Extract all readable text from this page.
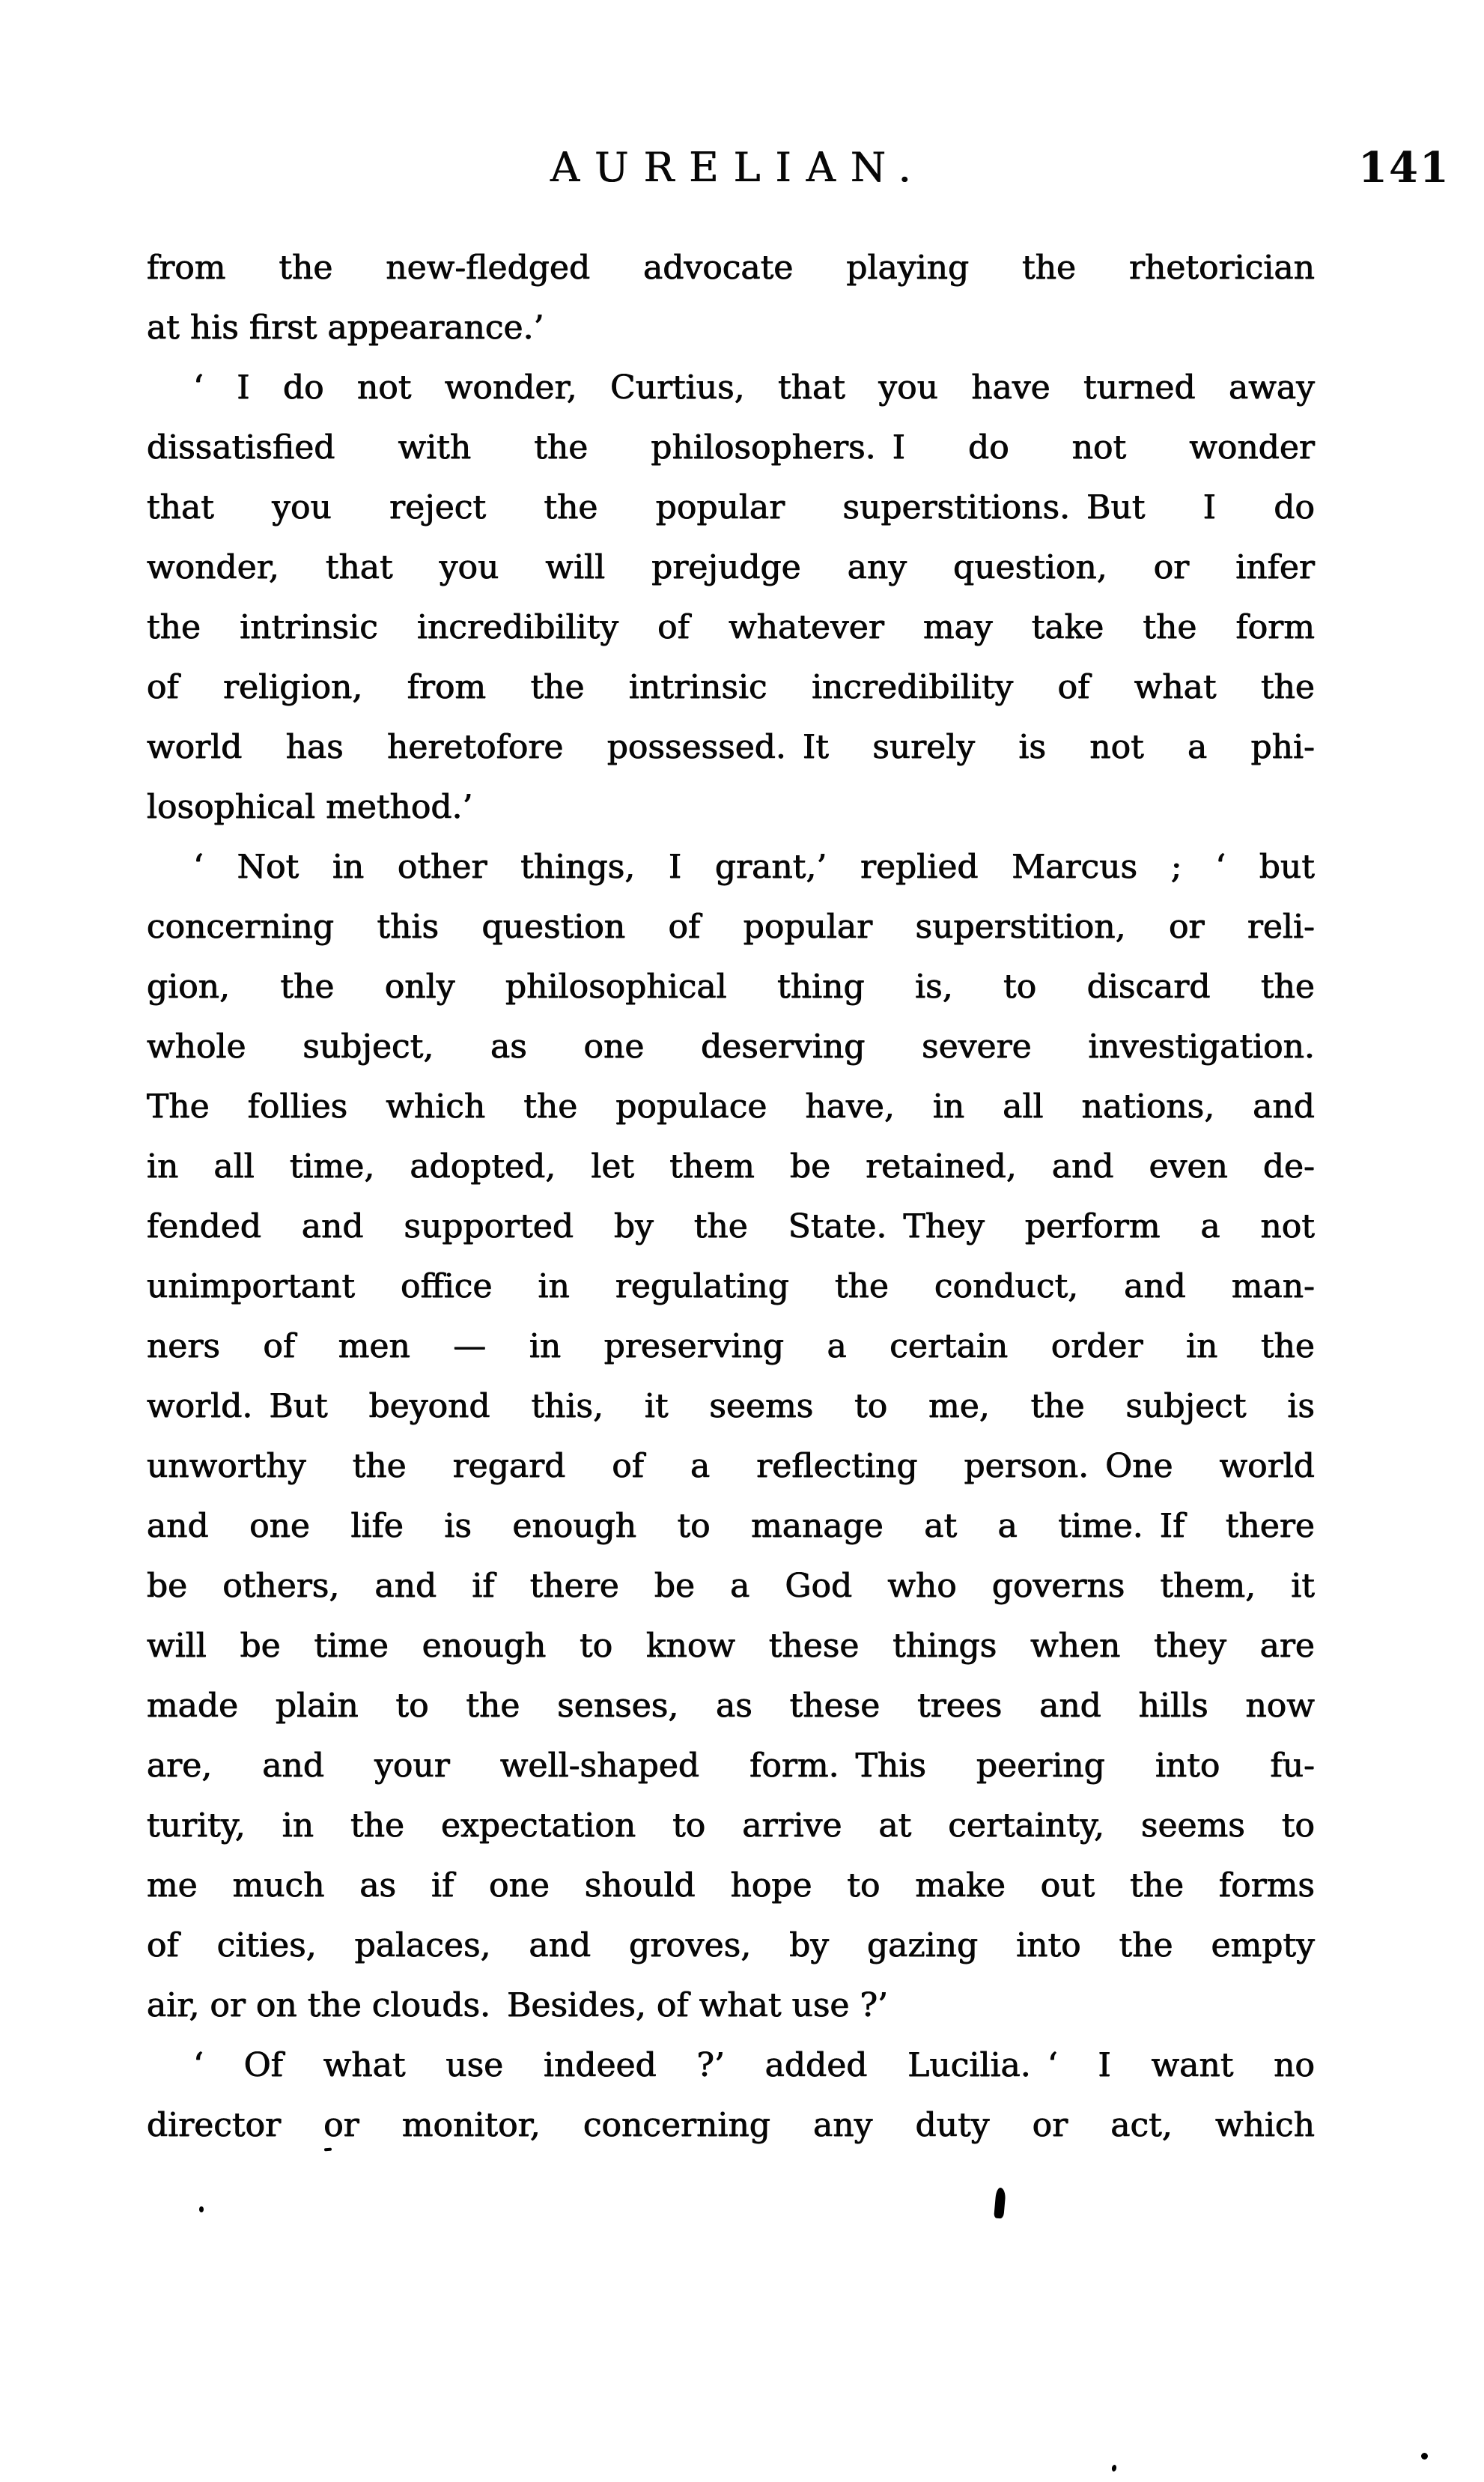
AURELIAN.	141
from the new-fledged advocate playing the rhetorician
at his first appearance.’
‘ I do not wonder, Curtius, that you have turned away
dissatisfied with the philosophers. I do not wonder
that you reject the popular superstitions. But I do
wonder, that you will prejudge any question, or infer
the intrinsic incredibility of whatever may take the form
of religion, from the intrinsic incredibility of what the
world has heretofore possessed. It surely is not a phi-
losophical method.’
‘ Not in other things, I grant,’ replied Marcus ; ‘ but
concerning this question of popular superstition, or reli-
gion, the only philosophical thing is, to discard the
whole subject, as one deserving severe investigation.
The follies which the populace have, in all nations, and
in all time, adopted, let them be retained, and even de-
fended and supported by the State. They perform a not
unimportant office in regulating the conduct, and man-
ners of men — in preserving a certain order in the
world. But beyond this, it seems to me, the subject is
unworthy the regard of a reflecting person. One world
and one life is enough to manage at a time. If there
be others, and if there be a God who governs them, it
will be time enough to know these things when they are
made plain to the senses, as these trees and hills now
are, and your well-shaped form. This peering into fu-
turity, in the expectation to arrive at certainty, seems to
me much as if one should hope to make out the forms
of cities, palaces, and groves, by gazing into the empty
air, or on the clouds. Besides, of what use ?’
‘ Of what use indeed ?’ added Lucilia. ‘ I want no
director or monitor, concerning any duty or act, which
